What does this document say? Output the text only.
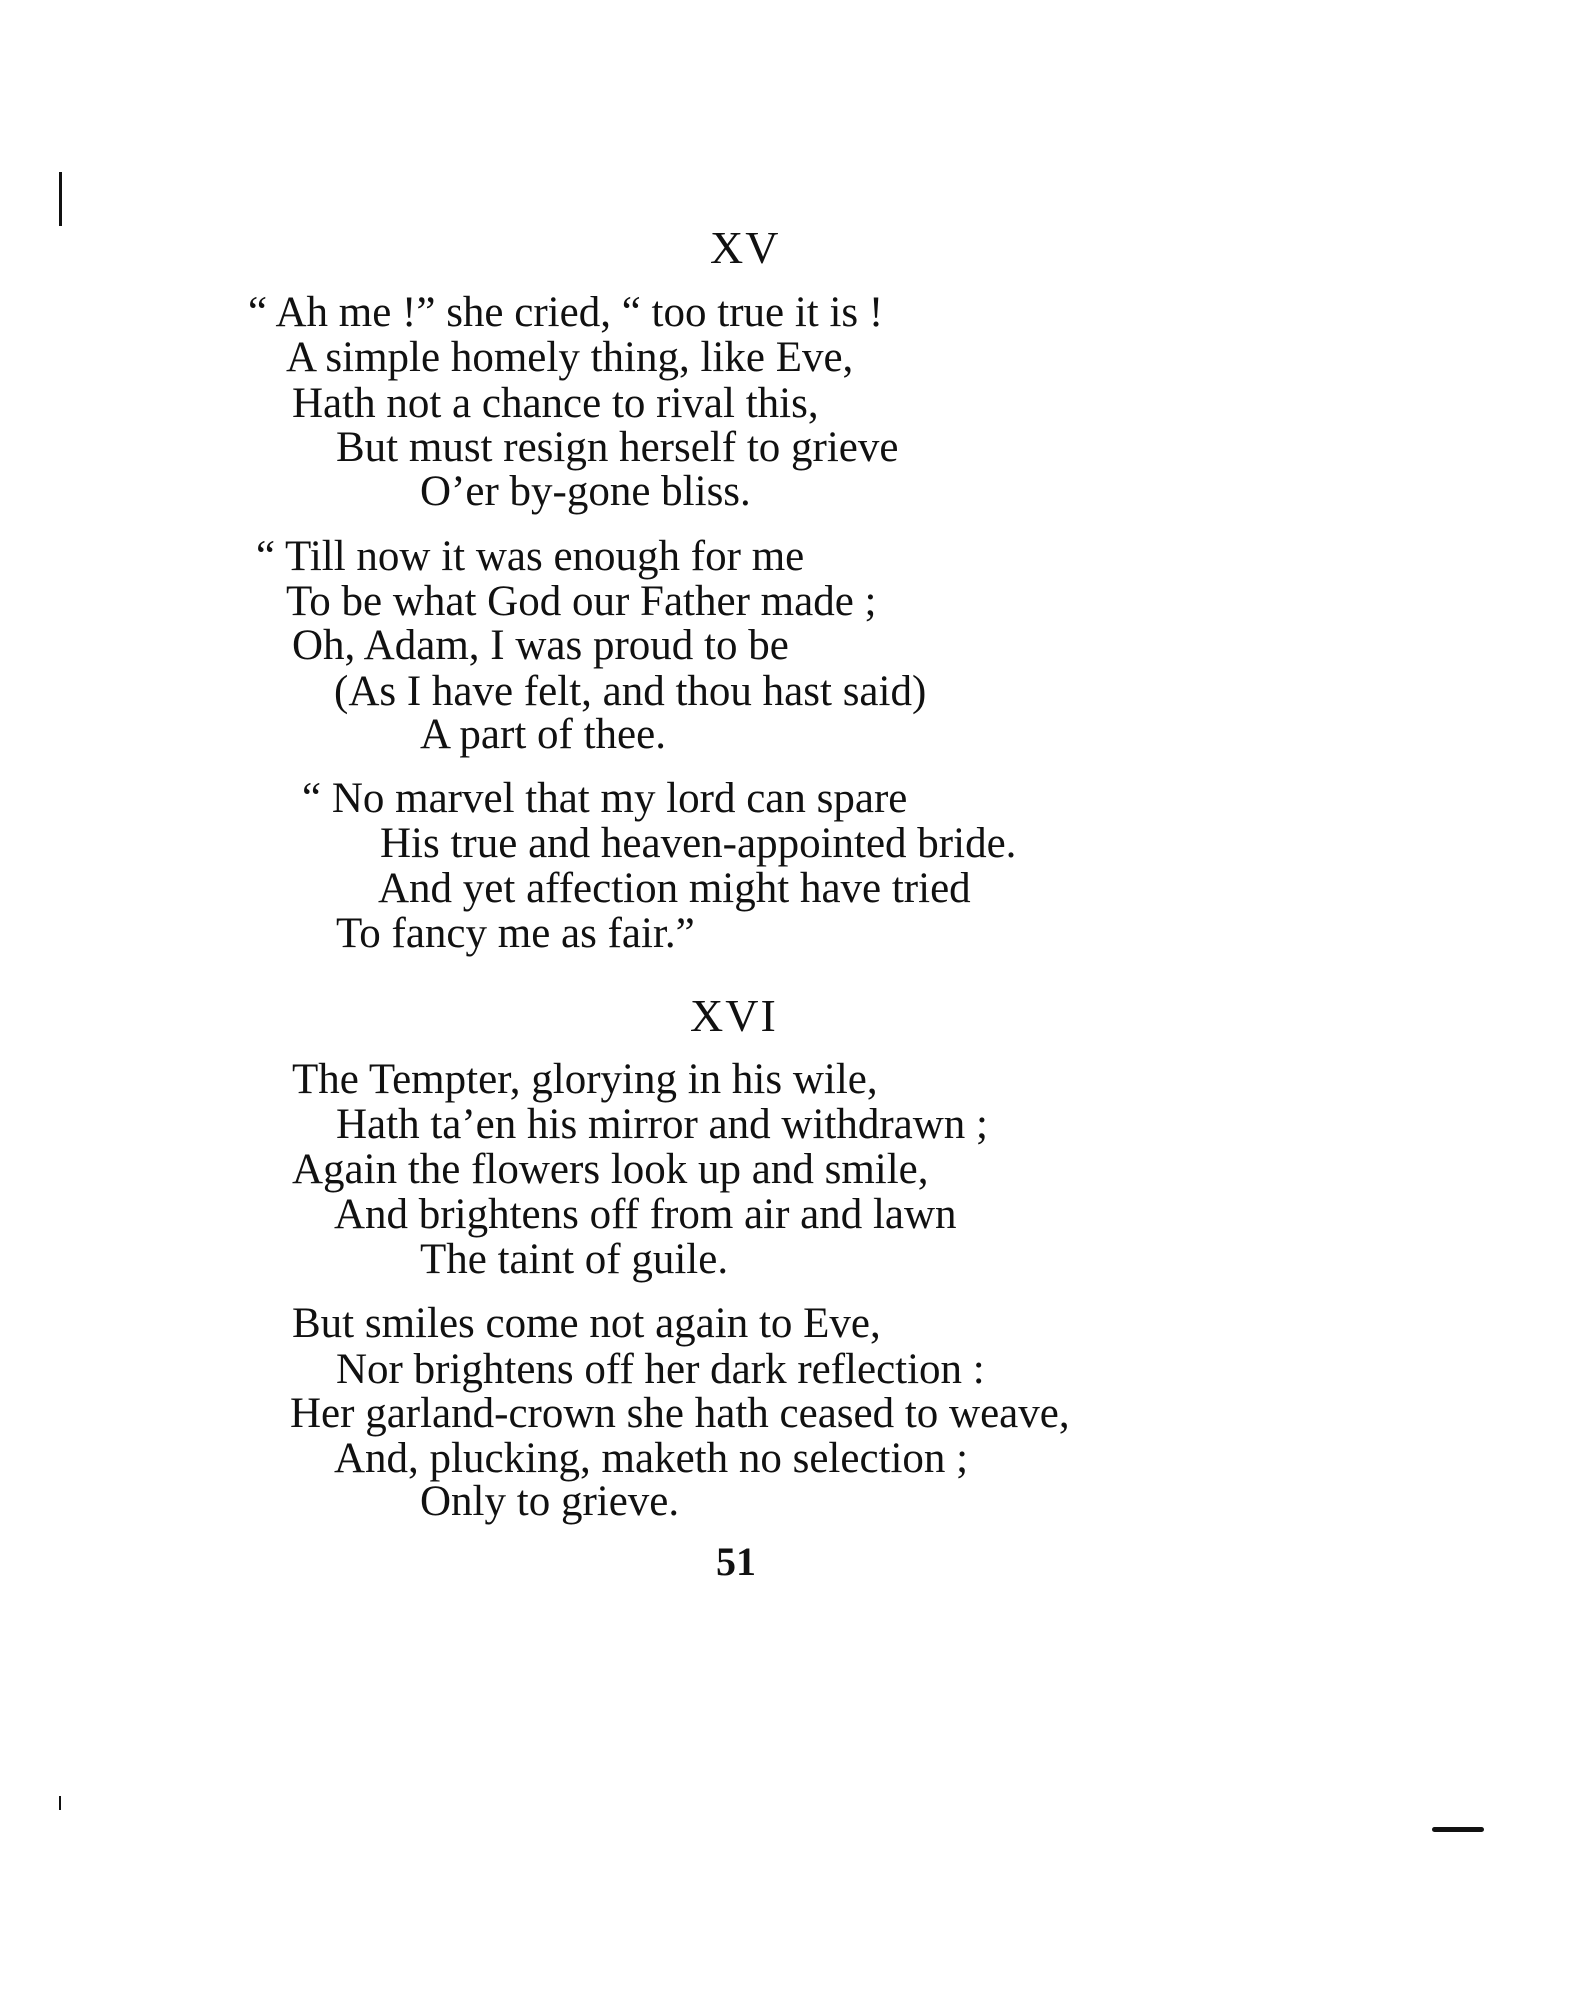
XV
“ Ah me !” she cried, “ too true it is !
A simple homely thing, like Eve,
Hath not a chance to rival this,
But must resign herself to grieve
O’er by-gone bliss.
“ Till now it was enough for me
To be what God our Father made ;
Oh, Adam, I was proud to be
(As I have felt, and thou hast said)
A part of thee.
“ No marvel that my lord can spare
His true and heaven-appointed bride.
And yet affection might have tried
To fancy me as fair.”
XVI
The Tempter, glorying in his wile,
Hath ta’en his mirror and withdrawn ;
Again the flowers look up and smile,
And brightens off from air and lawn
The taint of guile.
But smiles come not again to Eve,
Nor brightens off her dark reflection :
Her garland-crown she hath ceased to weave,
And, plucking, maketh no selection ;
Only to grieve.
51
